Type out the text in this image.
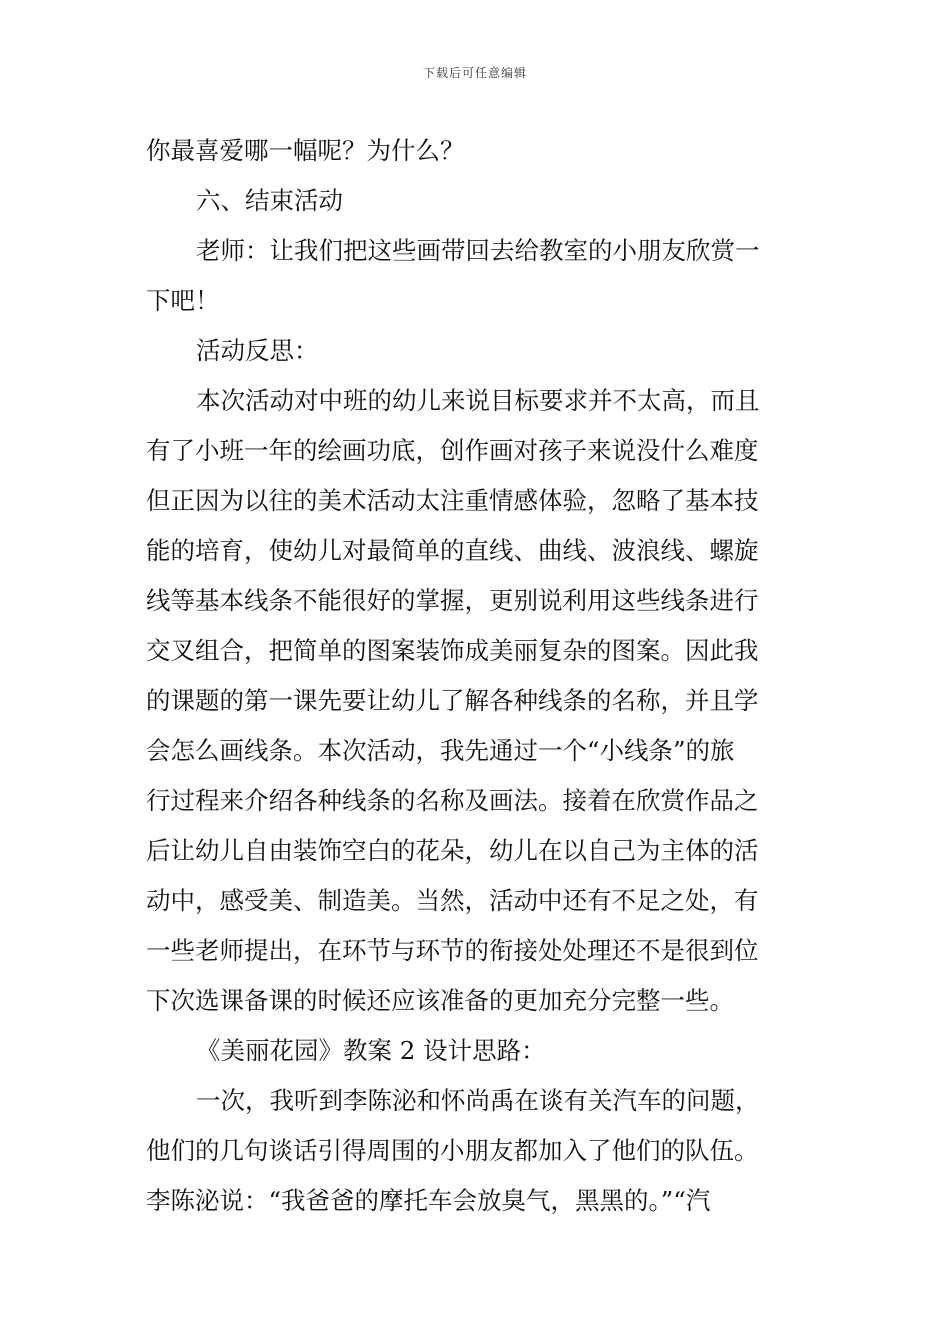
下载后可任意编辑
你最喜爱哪一幅呢？为什么？
六、结束活动
老师：让我们把这些画带回去给教室的小朋友欣赏一
下吧！
活动反思：
本次活动对中班的幼儿来说目标要求并不太高，而且
有了小班一年的绘画功底，创作画对孩子来说没什么难度
但正因为以往的美术活动太注重情感体验，忽略了基本技
能的培育，使幼儿对最简单的直线、曲线、波浪线、螺旋
线等基本线条不能很好的掌握，更别说利用这些线条进行
交叉组合，把简单的图案装饰成美丽复杂的图案。因此我
的课题的第一课先要让幼儿了解各种线条的名称，并且学
会怎么画线条。本次活动，我先通过一个“小线条”的旅
行过程来介绍各种线条的名称及画法。接着在欣赏作品之
后让幼儿自由装饰空白的花朵，幼儿在以自己为主体的活
动中，感受美、制造美。当然，活动中还有不足之处，有
一些老师提出，在环节与环节的衔接处处理还不是很到位
下次选课备课的时候还应该准备的更加充分完整一些。
《美丽花园》教案 2 设计思路：
一次，我听到李陈泌和怀尚禹在谈有关汽车的问题，
他们的几句谈话引得周围的小朋友都加入了他们的队伍。
李陈泌说：“我爸爸的摩托车会放臭气，黑黑的。”“汽
